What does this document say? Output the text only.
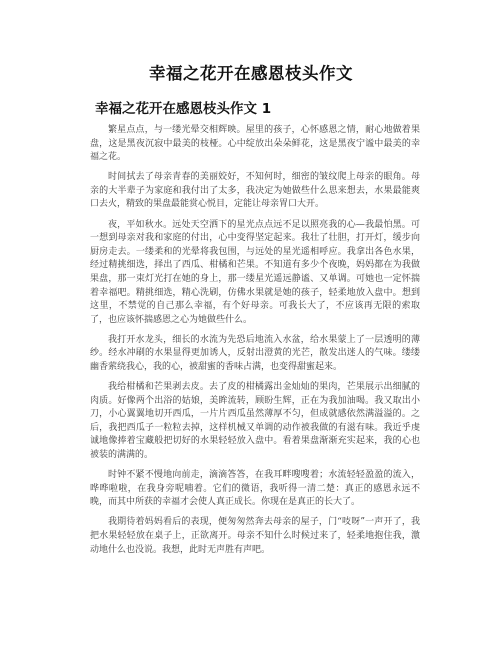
幸福之花开在感恩枝头作文
幸福之花开在感恩枝头作文 1

繁星点点，与一缕光晕交相辉映。屋里的孩子，心怀感恩之情，耐心地做着果盘，这是黑夜沉寂中最美的枝桠。心中绽放出朵朵鲜花，这是黑夜宁谧中最美的幸福之花。

时间拭去了母亲青春的美丽姣好，不知何时，细密的皱纹爬上母亲的眼角。母亲的大半辈子为家庭和我付出了太多，我决定为她做些什么思来想去，水果最能爽口去火，精致的果盘最能赏心悦目，定能让母亲胃口大开。

夜，平如秋水。远处天空洒下的星光点点远不足以照亮我的心—我最怕黑。可一想到母亲对我和家庭的付出，心中变得坚定起来。我壮了壮胆，打开灯，缓步向厨房走去。一缕柔和的光晕将我包围，与远处的星光遥相呼应。我拿出各色水果，经过精挑细选，择出了西瓜、柑橘和芒果。不知道有多少个夜晚，妈妈都在为我做果盘，那一束灯光打在她的身上，那一缕星光遥远静谧、又单调。可她也一定怀揣着幸福吧。精挑细选，精心洗刷，仿佛水果就是她的孩子，轻柔地放入盘中。想到这里，不禁觉的自己那么幸福，有个好母亲。可我长大了，不应该再无限的索取了，也应该怀揣感恩之心为她做些什么。

我打开水龙头，细长的水流为先恐后地流入水盆，给水果蒙上了一层透明的薄纱。经水冲刷的水果显得更加诱人，反射出澄黄的光芒，散发出迷人的气味。缕缕幽香萦绕我心，我的心，被甜蜜的香味占满，也变得甜蜜起来。

我给柑橘和芒果剥去皮。去了皮的柑橘露出金灿灿的果肉，芒果展示出细腻的肉质。好像两个出浴的姑娘，美眸流转，顾盼生辉，正在为我加油喝。我又取出小刀，小心翼翼地切开西瓜，一片片西瓜虽然薄厚不匀，但成就感依然满溢溢的。之后，我把西瓜子一粒粒去掉，这样机械又单调的动作被我做的有滋有味。我近乎虔诚地像捧着宝藏般把切好的水果轻轻放入盘中。看着果盘渐渐充实起来，我的心也被装的满满的。

时钟不紧不慢地向前走，滴滴答答，在我耳畔嗖嗖着；水流轻轻盈盈的流入，哗哗啦啦，在我身旁呢喃着。它们的微语，我听得一清二楚：真正的感恩永远不晚，而其中所获的幸福才会使人真正成长。你现在是真正的长大了。

我期待着妈妈看后的表现，便匆匆然奔去母亲的屋子，门“吱呀”一声开了，我把水果轻轻放在桌子上，正欲离开。母亲不知什么时候过来了，轻柔地抱住我，激动地什么也没说。我想，此时无声胜有声吧。
